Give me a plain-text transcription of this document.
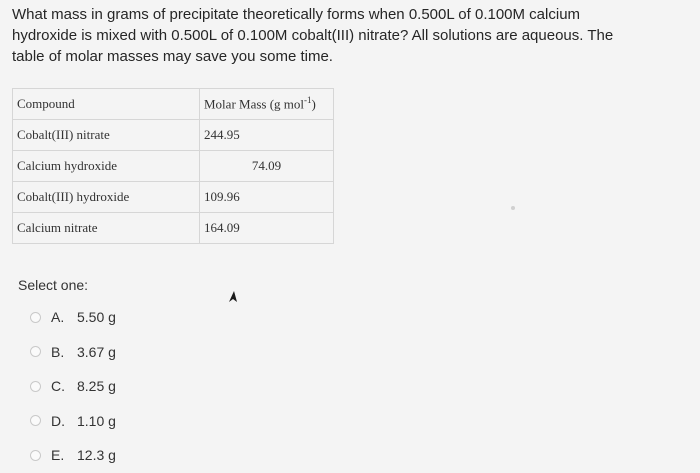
What mass in grams of precipitate theoretically forms when 0.500L of 0.100M calcium

hydroxide is mixed with 0.500L of 0.100M cobalt(III) nitrate? All solutions are aqueous. The

table of molar masses may save you some time.

Compound	Molar Mass (g mol$^{-1}$)
Cobalt(III) nitrate	244.95
Calcium hydroxide	74.09
Cobalt(III) hydroxide	109.96
Calcium nitrate	164.09
Select one:
A. 5.50 g
B. 3.67 g
C. 8.25 g
D. 1.10 g
E. 12.3 g
